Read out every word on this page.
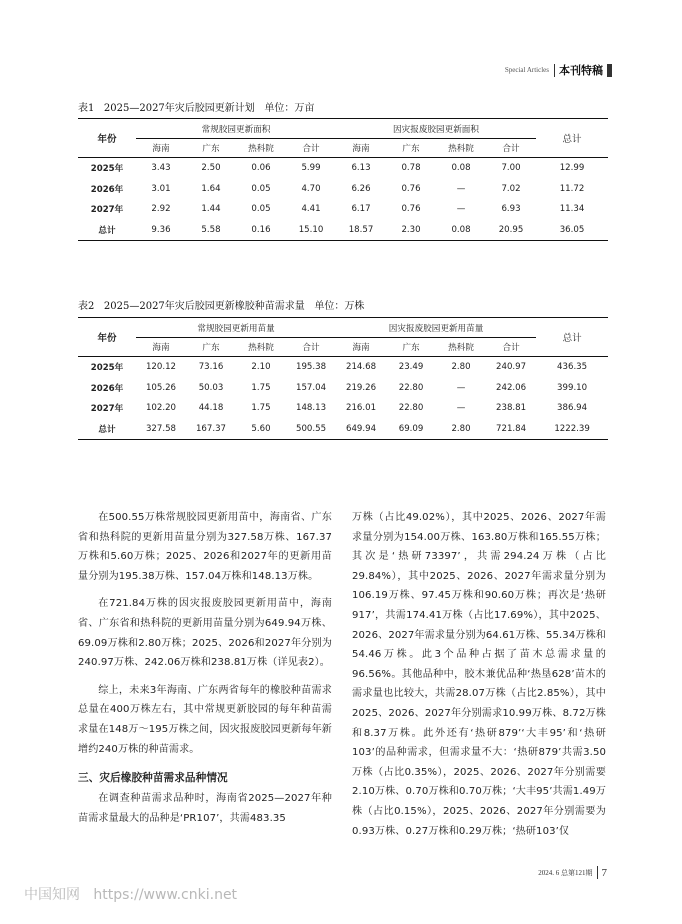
Special Articles 本刊特稿
表1   2025—2027年灾后胶园更新计划   单位：万亩
年份	常规胶园更新面积				因灾报废胶园更新面积				总计
	海南	广东	热科院	合计	海南	广东	热科院	合计	
2025年	3.43	2.50	0.06	5.99	6.13	0.78	0.08	7.00	12.99
2026年	3.01	1.64	0.05	4.70	6.26	0.76	—	7.02	11.72
2027年	2.92	1.44	0.05	4.41	6.17	0.76	—	6.93	11.34
总计	9.36	5.58	0.16	15.10	18.57	2.30	0.08	20.95	36.05
表2   2025—2027年灾后胶园更新橡胶种苗需求量   单位：万株
年份	常规胶园更新用苗量				因灾报废胶园更新用苗量				总计
	海南	广东	热科院	合计	海南	广东	热科院	合计	
2025年	120.12	73.16	2.10	195.38	214.68	23.49	2.80	240.97	436.35
2026年	105.26	50.03	1.75	157.04	219.26	22.80	—	242.06	399.10
2027年	102.20	44.18	1.75	148.13	216.01	22.80	—	238.81	386.94
总计	327.58	167.37	5.60	500.55	649.94	69.09	2.80	721.84	1222.39

在500.55万株常规胶园更新用苗中，海南省、广东省和热科院的更新用苗量分别为327.58万株、167.37万株和5.60万株；2025、2026和2027年的更新用苗量分别为195.38万株、157.04万株和148.13万株。

在721.84万株的因灾报废胶园更新用苗中，海南省、广东省和热科院的更新用苗量分别为649.94万株、69.09万株和2.80万株；2025、2026和2027年分别为240.97万株、242.06万株和238.81万株（详见表2）。

综上，未来3年海南、广东两省每年的橡胶种苗需求总量在400万株左右，其中常规更新胶园的每年种苗需求量在148万～195万株之间，因灾报废胶园更新每年新增约240万株的种苗需求。

三、灾后橡胶种苗需求品种情况

在调查种苗需求品种时，海南省2025—2027年种苗需求量最大的品种是‘PR107’，共需483.35

万株（占比49.02%），其中2025、2026、2027年需求量分别为154.00万株、163.80万株和165.55万株；其次是‘热研73397’，共需294.24万株（占比29.84%），其中2025、2026、2027年需求量分别为106.19万株、97.45万株和90.60万株；再次是‘热研917’，共需174.41万株（占比17.69%），其中2025、2026、2027年需求量分别为64.61万株、55.34万株和54.46万株。此3个品种占据了苗木总需求量的96.56%。其他品种中，胶木兼优品种‘热垦628’苗木的需求量也比较大，共需28.07万株（占比2.85%），其中2025、2026、2027年分别需求10.99万株、8.72万株和8.37万株。此外还有‘热研879’‘大丰95’和‘热研103’的品种需求，但需求量不大：‘热研879’共需3.50万株（占比0.35%），2025、2026、2027年分别需要2.10万株、0.70万株和0.70万株；‘大丰95’共需1.49万株（占比0.15%），2025、2026、2027年分别需要为0.93万株、0.27万株和0.29万株；‘热研103’仅

2024. 6 总第121期 7
中国知网   https://www.cnki.net
